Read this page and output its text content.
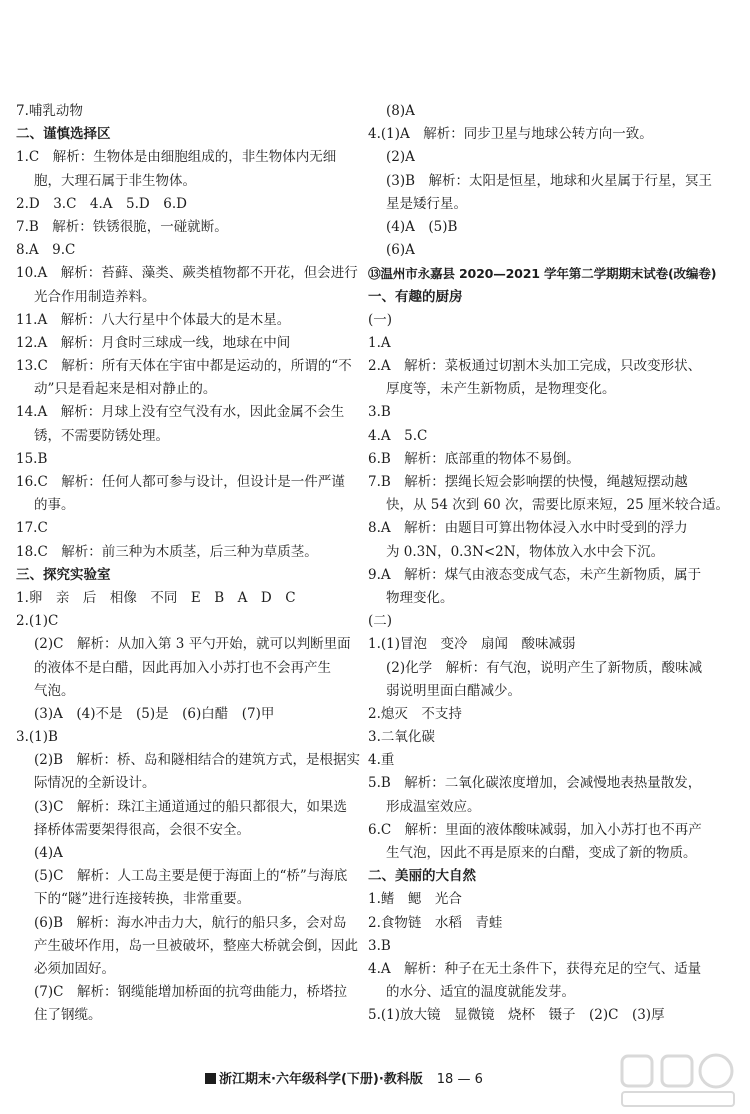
7.哺乳动物
二、谨慎选择区
1.C　解析：生物体是由细胞组成的，非生物体内无细
胞，大理石属于非生物体。
2.D　3.C　4.A　5.D　6.D
7.B　解析：铁锈很脆，一碰就断。
8.A　9.C
10.A　解析：苔藓、藻类、蕨类植物都不开花，但会进行
光合作用制造养料。
11.A　解析：八大行星中个体最大的是木星。
12.A　解析：月食时三球成一线，地球在中间
13.C　解析：所有天体在宇宙中都是运动的，所谓的“不
动”只是看起来是相对静止的。
14.A　解析：月球上没有空气没有水，因此金属不会生
锈，不需要防锈处理。
15.B
16.C　解析：任何人都可参与设计，但设计是一件严谨
的事。
17.C
18.C　解析：前三种为木质茎，后三种为草质茎。
三、探究实验室
1.卵　亲　后　相像　不同　E　B　A　D　C
2.(1)C
(2)C　解析：从加入第 3 平勺开始，就可以判断里面
的液体不是白醋，因此再加入小苏打也不会再产生
气泡。
(3)A　(4)不是　(5)是　(6)白醋　(7)甲
3.(1)B
(2)B　解析：桥、岛和隧相结合的建筑方式，是根据实
际情况的全新设计。
(3)C　解析：珠江主通道通过的船只都很大，如果选
择桥体需要架得很高，会很不安全。
(4)A
(5)C　解析：人工岛主要是便于海面上的“桥”与海底
下的“隧”进行连接转换，非常重要。
(6)B　解析：海水冲击力大，航行的船只多，会对岛
产生破坏作用，岛一旦被破坏，整座大桥就会倒，因此
必须加固好。
(7)C　解析：钢缆能增加桥面的抗弯曲能力，桥塔拉
住了钢缆。
(8)A
4.(1)A　解析：同步卫星与地球公转方向一致。
(2)A
(3)B　解析：太阳是恒星，地球和火星属于行星，冥王
星是矮行星。
(4)A　(5)B
(6)A
⑬温州市永嘉县 2020—2021 学年第二学期期末试卷(改编卷)
一、有趣的厨房
(一)
1.A
2.A　解析：菜板通过切割木头加工完成，只改变形状、
厚度等，未产生新物质，是物理变化。
3.B
4.A　5.C
6.B　解析：底部重的物体不易倒。
7.B　解析：摆绳长短会影响摆的快慢，绳越短摆动越
快，从 54 次到 60 次，需要比原来短，25 厘米较合适。
8.A　解析：由题目可算出物体浸入水中时受到的浮力
为 0.3N，0.3N<2N，物体放入水中会下沉。
9.A　解析：煤气由液态变成气态，未产生新物质，属于
物理变化。
(二)
1.(1)冒泡　变冷　扇闻　酸味减弱
(2)化学　解析：有气泡，说明产生了新物质，酸味减
弱说明里面白醋减少。
2.熄灭　不支持
3.二氧化碳
4.重
5.B　解析：二氧化碳浓度增加，会减慢地表热量散发，
形成温室效应。
6.C　解析：里面的液体酸味减弱，加入小苏打也不再产
生气泡，因此不再是原来的白醋，变成了新的物质。
二、美丽的大自然
1.鳍　鳃　光合
2.食物链　水稻　青蛙
3.B
4.A　解析：种子在无土条件下，获得充足的空气、适量
的水分、适宜的温度就能发芽。
5.(1)放大镜　显微镜　烧杯　镊子　(2)C　(3)厚
浙江期末·六年级科学(下册)·教科版 18 — 6
